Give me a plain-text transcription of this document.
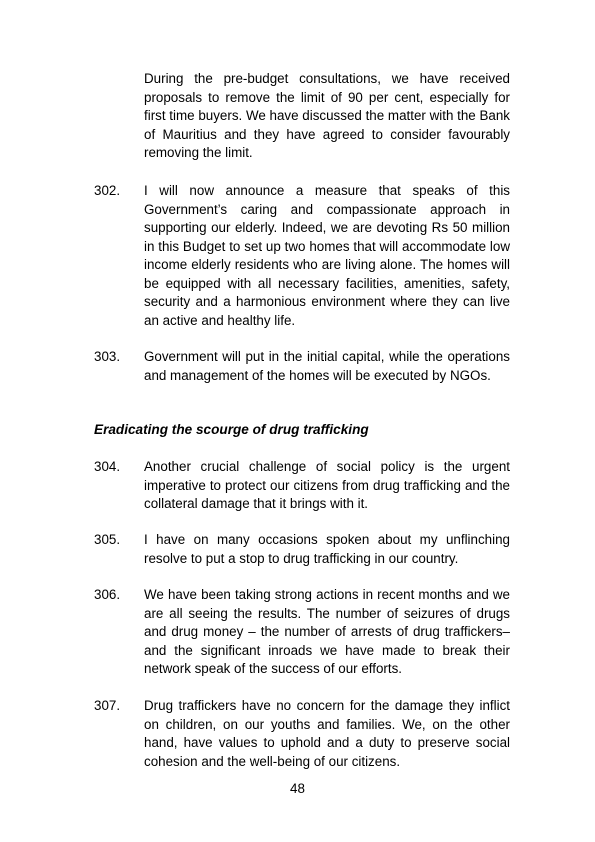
During the pre-budget consultations, we have received proposals to remove the limit of 90 per cent, especially for first time buyers. We have discussed the matter with the Bank of Mauritius and they have agreed to consider favourably removing the limit.
302.	I will now announce a measure that speaks of this Government’s caring and compassionate approach in supporting our elderly. Indeed, we are devoting Rs 50 million in this Budget to set up two homes that will accommodate low income elderly residents who are living alone. The homes will be equipped with all necessary facilities, amenities, safety, security and a harmonious environment where they can live an active and healthy life.
303.	Government will put in the initial capital, while the operations and management of the homes will be executed by NGOs.
Eradicating the scourge of drug trafficking
304.	Another crucial challenge of social policy is the urgent imperative to protect our citizens from drug trafficking and the collateral damage that it brings with it.
305.	I have on many occasions spoken about my unflinching resolve to put a stop to drug trafficking in our country.
306.	We have been taking strong actions in recent months and we are all seeing the results. The number of seizures of drugs and drug money – the number of arrests of drug traffickers– and the significant inroads we have made to break their network speak of the success of our efforts.
307.	Drug traffickers have no concern for the damage they inflict on children, on our youths and families. We, on the other hand, have values to uphold and a duty to preserve social cohesion and the well-being of our citizens.
48
